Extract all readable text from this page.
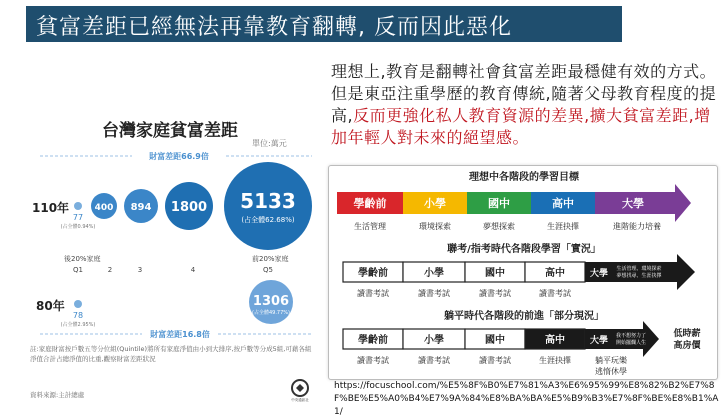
貧富差距已經無法再靠教育翻轉, 反而因此惡化
財富差距66.9倍
110年
80年
77
(占全體0.94%)
400 894 1800 5133
(占全體62.68%)
後20%家庭	前20%家庭
Q1	2	3	4	Q5
78
(占全體2.95%)
1306
(占全體49.77%)
財富差距16.8倍
台灣家庭貧富差距
單位:萬元
註:家庭財富按戶數五等分位組(Quintile)將所有家庭淨值由小到大排序,按戶數等分成5組,可藉各組淨值合計占總淨值的比重,觀察財富差距狀況
資料來源:主計總處
中央通訊社
理想上,教育是翻轉社會貧富差距最穩健有效的方式。但是東亞注重學歷的教育傳統,隨著父母教育程度的提高,反而更強化私人教育資源的差異,擴大貧富差距,增加年輕人對未來的絕望感。
理想中各階段的學習目標
學齡前	小學	國中	高中	大學
生活管理	環境探索	夢想探索	生涯抉擇	進階能力培養
聯考/指考時代各階段學習「實況」
學齡前	小學	國中	高中	大學 生活管理、環境探索
夢想找尋、生涯抉擇
讀書考試	讀書考試	讀書考試	讀書考試
躺平時代各階段的前進「部分現況」
學齡前	小學	國中	高中	大學 我不想努力了
開始擺爛人生
低時薪
高房價
讀書考試	讀書考試	讀書考試	生涯抉擇	躺平玩樂
逃惰休學
https://focuschool.com/%E5%8F%B0%E7%81%A3%E6%95%99%E8%82%B2%E7%8F%BE%E5%A0%B4%E7%9A%84%E8%BA%BA%E5%B9%B3%E7%8F%BE%E8%B1%A1/
